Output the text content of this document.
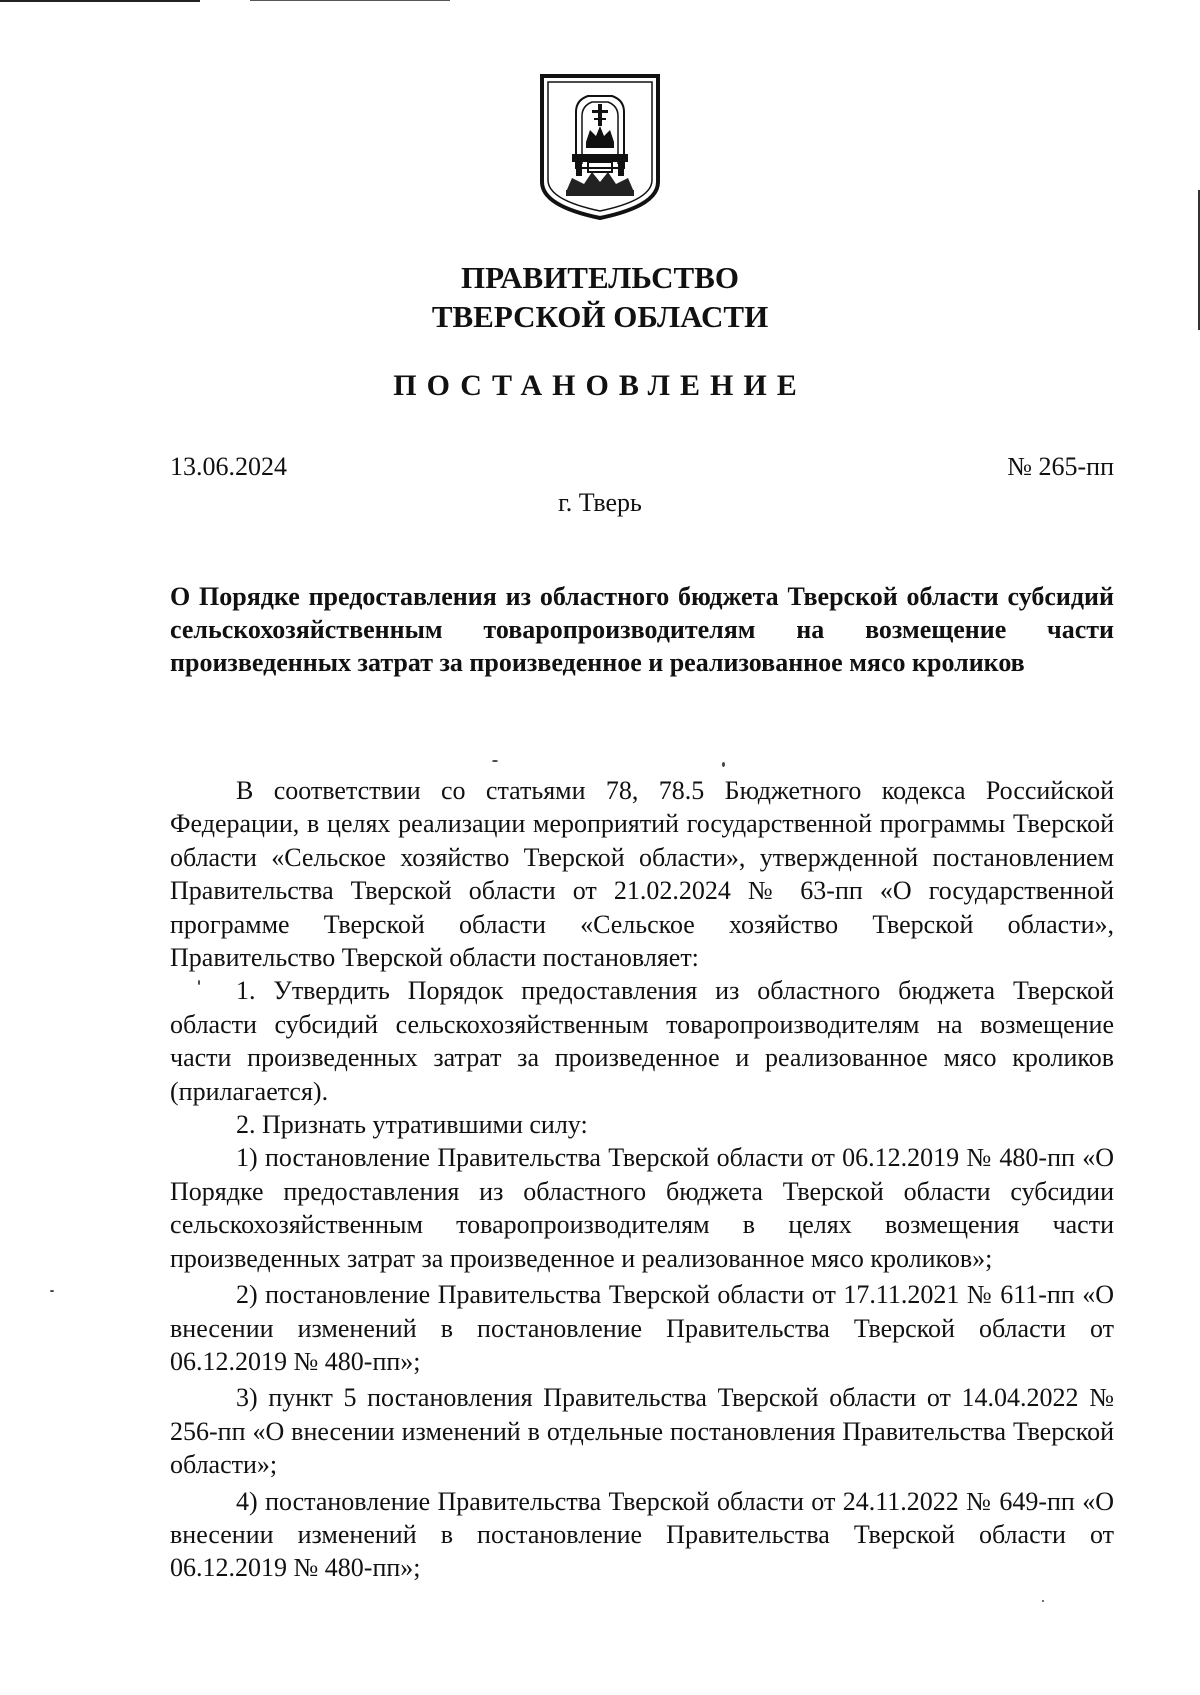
ПРАВИТЕЛЬСТВО
ТВЕРСКОЙ ОБЛАСТИ
ПОСТАНОВЛЕНИЕ
13.06.2024	№ 265-пп
г. Тверь
О Порядке предоставления из областного бюджета Тверской области субсидий сельскохозяйственным товаропроизводителям на возмещение части произведенных затрат за произведенное и реализованное мясо кроликов

В соответствии со статьями 78, 78.5 Бюджетного кодекса Российской Федерации, в целях реализации мероприятий государственной программы Тверской области «Сельское хозяйство Тверской области», утвержденной постановлением Правительства Тверской области от 21.02.2024 № 63-пп «О государственной программе Тверской области «Сельское хозяйство Тверской области», Правительство Тверской области постановляет:

1. Утвердить Порядок предоставления из областного бюджета Тверской области субсидий сельскохозяйственным товаропроизводителям на возмещение части произведенных затрат за произведенное и реализованное мясо кроликов (прилагается).

2. Признать утратившими силу:

1) постановление Правительства Тверской области от 06.12.2019 № 480-пп «О Порядке предоставления из областного бюджета Тверской области субсидии сельскохозяйственным товаропроизводителям в целях возмещения части произведенных затрат за произведенное и реализованное мясо кроликов»;

2) постановление Правительства Тверской области от 17.11.2021 № 611-пп «О внесении изменений в постановление Правительства Тверской области от 06.12.2019 № 480-пп»;

3) пункт 5 постановления Правительства Тверской области от 14.04.2022 № 256-пп «О внесении изменений в отдельные постановления Правительства Тверской области»;

4) постановление Правительства Тверской области от 24.11.2022 № 649-пп «О внесении изменений в постановление Правительства Тверской области от 06.12.2019 № 480-пп»;
